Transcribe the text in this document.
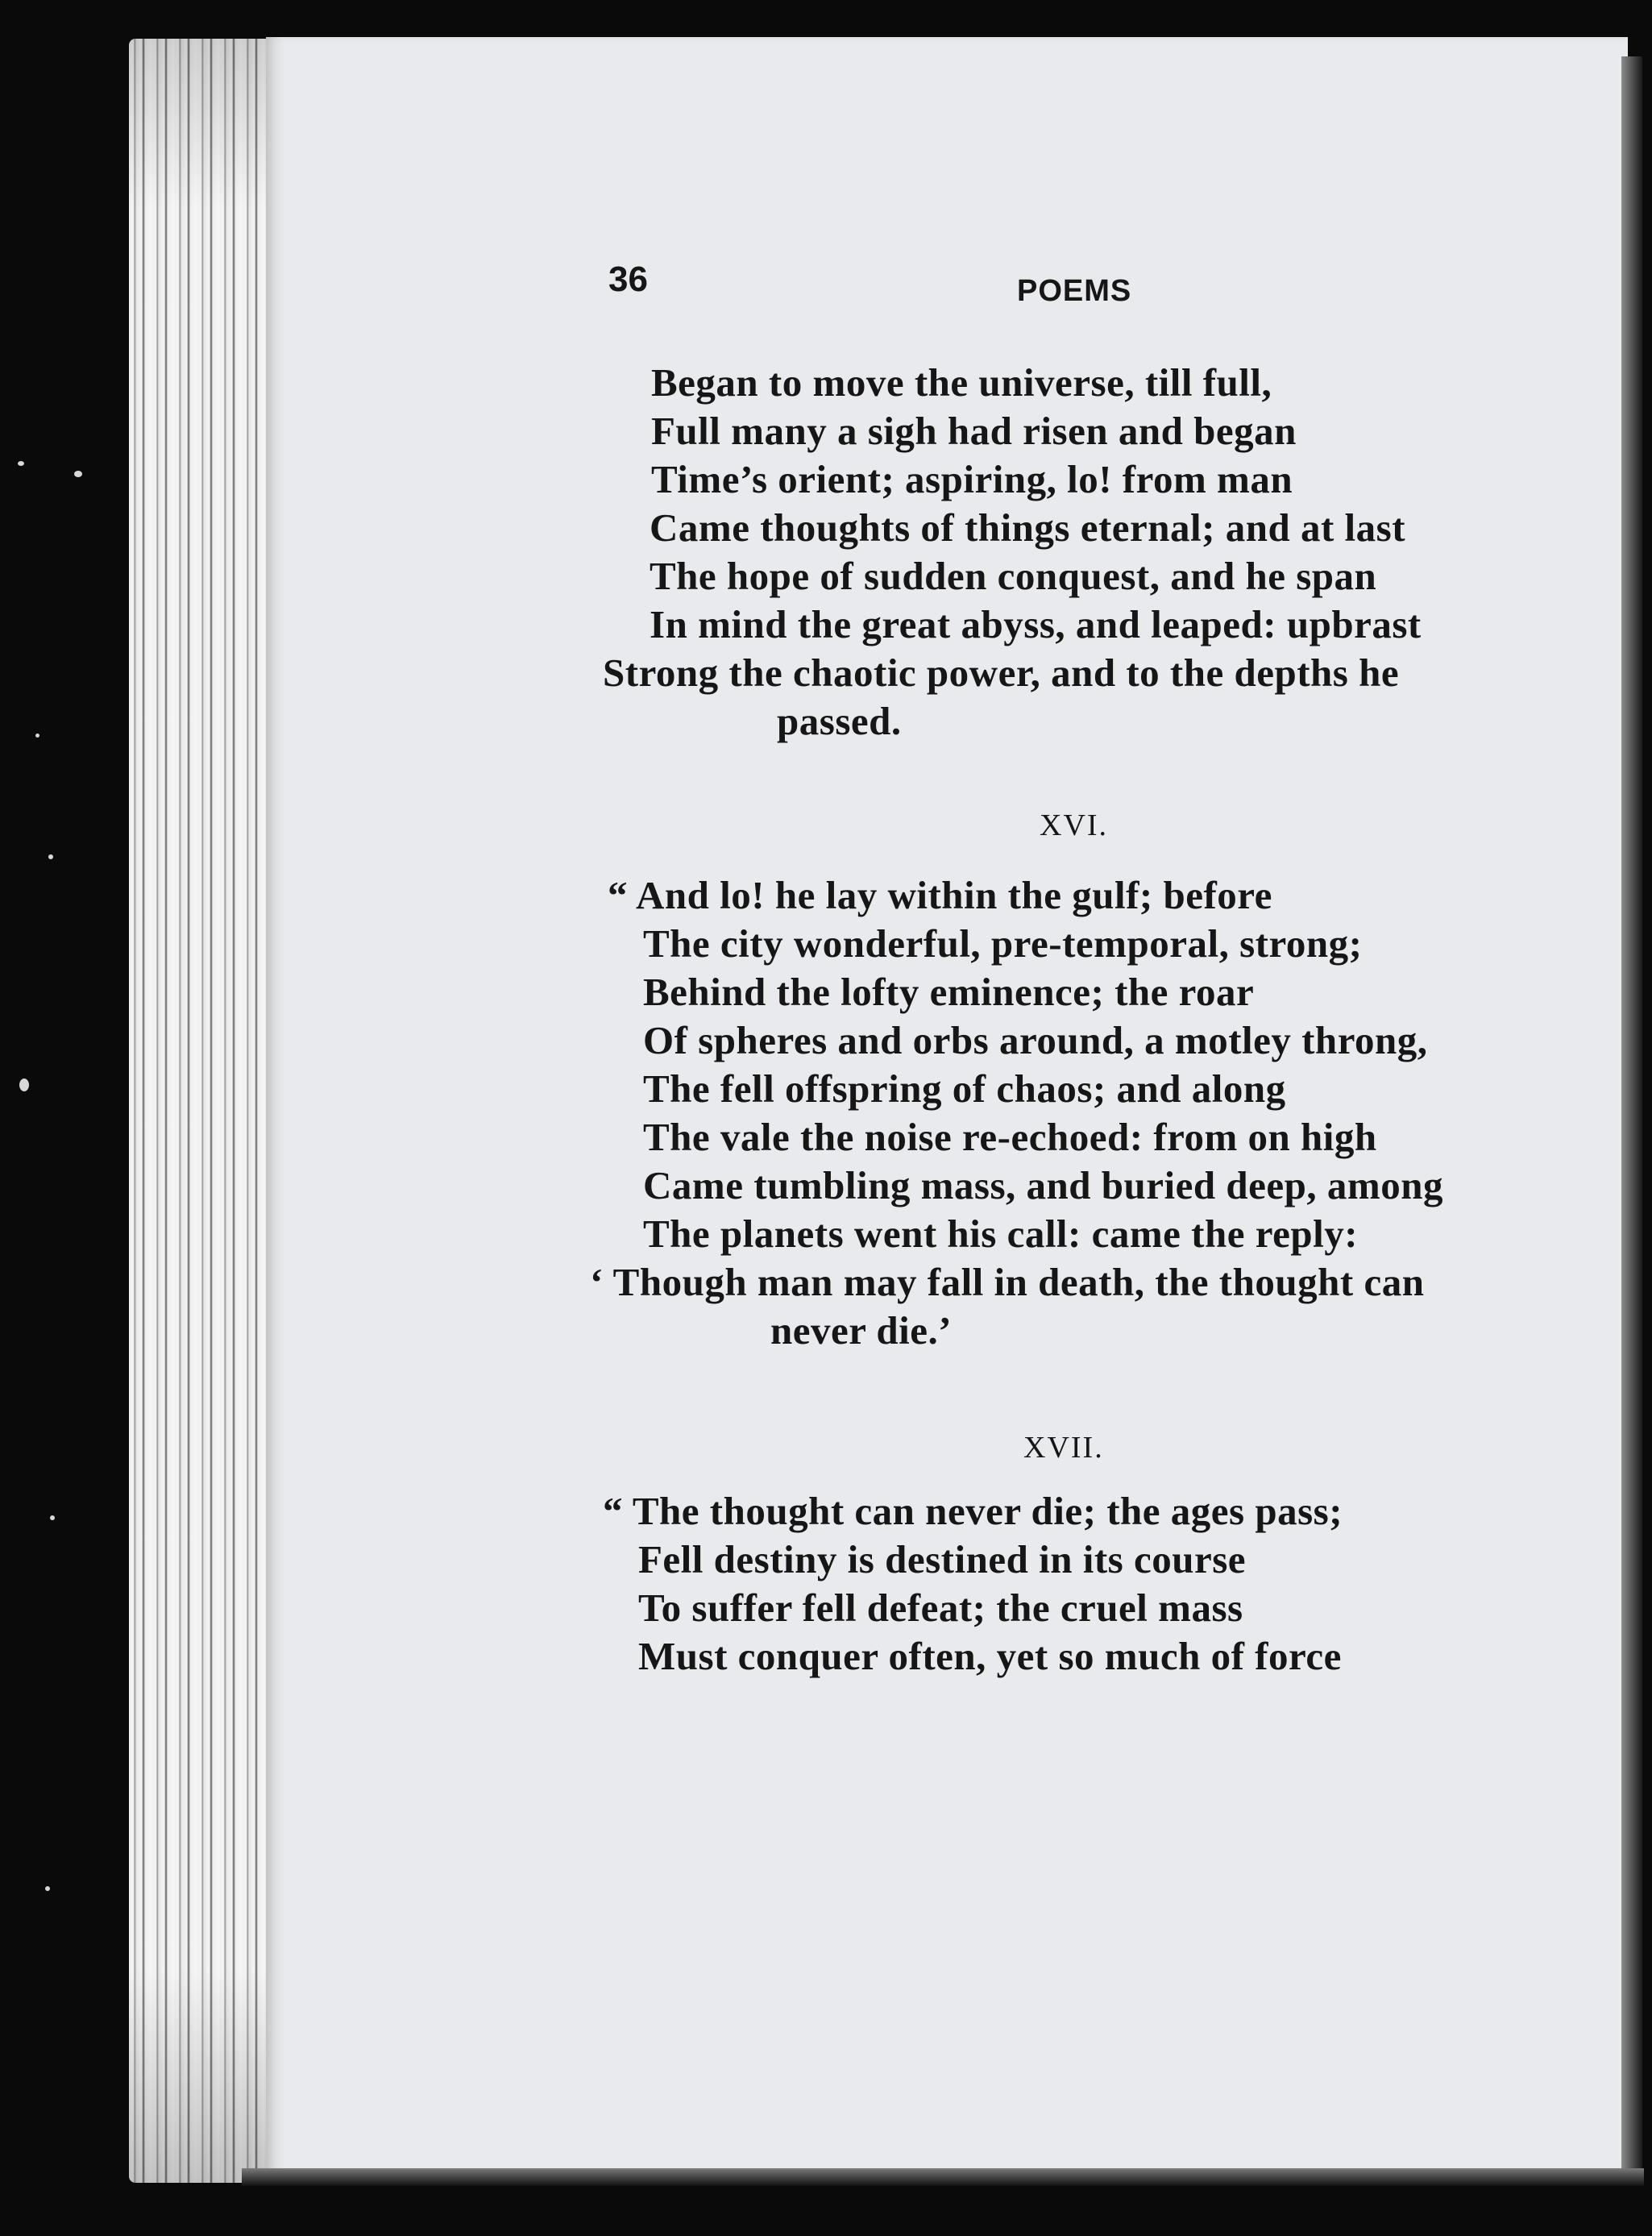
36	POEMS
Began to move the universe, till full,
Full many a sigh had risen and began
Time’s orient; aspiring, lo! from man
Came thoughts of things eternal; and at last
The hope of sudden conquest, and he span
In mind the great abyss, and leaped: upbrast
Strong the chaotic power, and to the depths he
passed.
XVI.
“ And lo! he lay within the gulf; before
The city wonderful, pre-temporal, strong;
Behind the lofty eminence; the roar
Of spheres and orbs around, a motley throng,
The fell offspring of chaos; and along
The vale the noise re-echoed: from on high
Came tumbling mass, and buried deep, among
The planets went his call: came the reply:
‘ Though man may fall in death, the thought can
never die.’
XVII.
“ The thought can never die; the ages pass;
Fell destiny is destined in its course
To suffer fell defeat; the cruel mass
Must conquer often, yet so much of force
